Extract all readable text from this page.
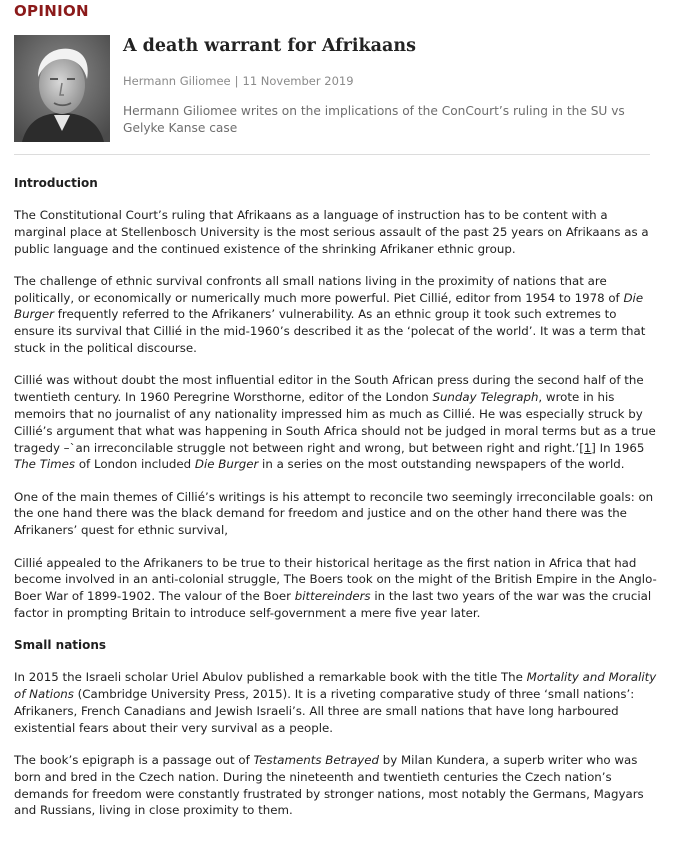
OPINION
A death warrant for Afrikaans
Hermann Giliomee | 11 November 2019
Hermann Giliomee writes on the implications of the ConCourt’s ruling in the SU vs Gelyke Kanse case
Introduction

The Constitutional Court’s ruling that Afrikaans as a language of instruction has to be content with a marginal place at Stellenbosch University is the most serious assault of the past 25 years on Afrikaans as a public language and the continued existence of the shrinking Afrikaner ethnic group.

The challenge of ethnic survival confronts all small nations living in the proximity of nations that are politically, or economically or numerically much more powerful. Piet Cillié, editor from 1954 to 1978 of Die Burger frequently referred to the Afrikaners’ vulnerability. As an ethnic group it took such extremes to ensure its survival that Cillié in the mid-1960’s described it as the ‘polecat of the world’. It was a term that stuck in the political discourse.

Cillié was without doubt the most influential editor in the South African press during the second half of the twentieth century. In 1960 Peregrine Worsthorne, editor of the London Sunday Telegraph, wrote in his memoirs that no journalist of any nationality impressed him as much as Cillié. He was especially struck by Cillié’s argument that what was happening in South Africa should not be judged in moral terms but as a true tragedy –`an irreconcilable struggle not between right and wrong, but between right and right.’[1] In 1965 The Times of London included Die Burger in a series on the most outstanding newspapers of the world.

One of the main themes of Cillié’s writings is his attempt to reconcile two seemingly irreconcilable goals: on the one hand there was the black demand for freedom and justice and on the other hand there was the Afrikaners’ quest for ethnic survival,

Cillié appealed to the Afrikaners to be true to their historical heritage as the first nation in Africa that had become involved in an anti-colonial struggle, The Boers took on the might of the British Empire in the Anglo-Boer War of 1899-1902. The valour of the Boer bittereinders in the last two years of the war was the crucial factor in prompting Britain to introduce self-government a mere five year later.

Small nations

In 2015 the Israeli scholar Uriel Abulov published a remarkable book with the title The Mortality and Morality of Nations (Cambridge University Press, 2015). It is a riveting comparative study of three ‘small nations’: Afrikaners, French Canadians and Jewish Israeli’s. All three are small nations that have long harboured existential fears about their very survival as a people.

The book’s epigraph is a passage out of Testaments Betrayed by Milan Kundera, a superb writer who was born and bred in the Czech nation. During the nineteenth and twentieth centuries the Czech nation’s demands for freedom were constantly frustrated by stronger nations, most notably the Germans, Magyars and Russians, living in close proximity to them.
